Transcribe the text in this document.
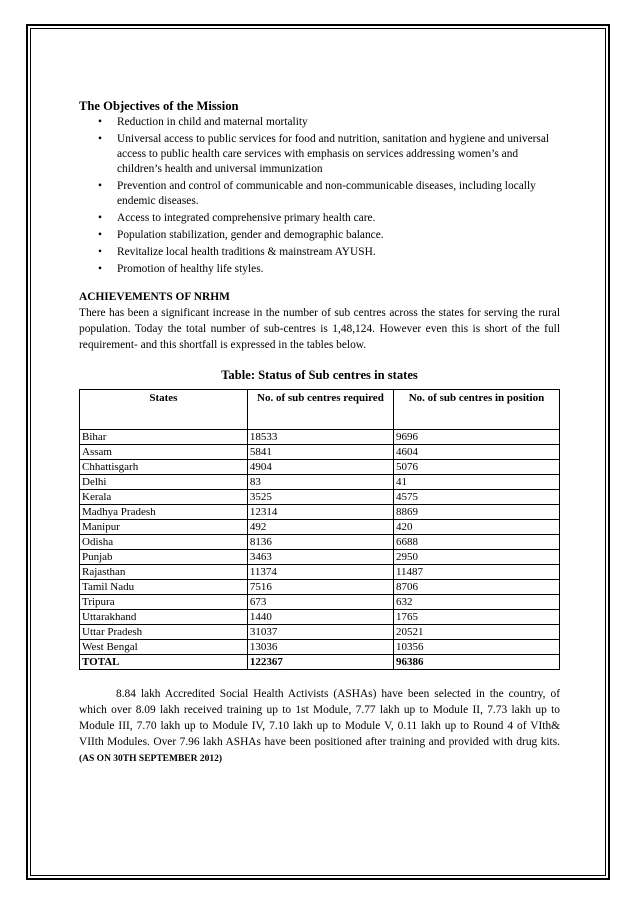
The Objectives of the Mission
• Reduction in child and maternal mortality
• Universal access to public services for food and nutrition, sanitation and hygiene and universal access to public health care services with emphasis on services addressing women’s and children’s health and universal immunization
• Prevention and control of communicable and non-communicable diseases, including locally endemic diseases.
• Access to integrated comprehensive primary health care.
• Population stabilization, gender and demographic balance.
• Revitalize local health traditions & mainstream AYUSH.
• Promotion of healthy life styles.
ACHIEVEMENTS OF NRHM

There has been a significant increase in the number of sub centres across the states for serving the rural population. Today the total number of sub-centres is 1,48,124. However even this is short of the full requirement- and this shortfall is expressed in the tables below.

Table: Status of Sub centres in states
States	No. of sub centres required	No. of sub centres in position
Bihar	18533	9696
Assam	5841	4604
Chhattisgarh	4904	5076
Delhi	83	41
Kerala	3525	4575
Madhya Pradesh	12314	8869
Manipur	492	420
Odisha	8136	6688
Punjab	3463	2950
Rajasthan	11374	11487
Tamil Nadu	7516	8706
Tripura	673	632
Uttarakhand	1440	1765
Uttar Pradesh	31037	20521
West Bengal	13036	10356
TOTAL	122367	96386

8.84 lakh Accredited Social Health Activists (ASHAs) have been selected in the country, of which over 8.09 lakh received training up to 1st Module, 7.77 lakh up to Module II, 7.73 lakh up to Module III, 7.70 lakh up to Module IV, 7.10 lakh up to Module V, 0.11 lakh up to Round 4 of VIth& VIIth Modules. Over 7.96 lakh ASHAs have been positioned after training and provided with drug kits. (AS ON 30TH SEPTEMBER 2012)
